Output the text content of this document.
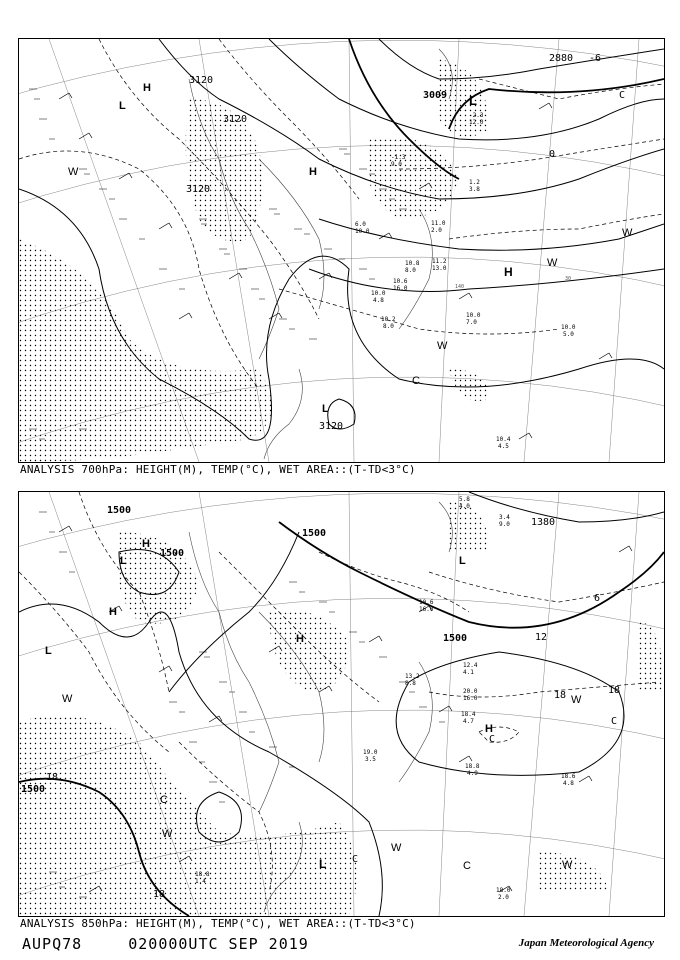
3120
3120
3120
3120
3009
2880
0
-6
C
H
L
H
L
L
H
W
W
W
W
C
140
30
10.4
4.5
10.0
5.0
10.0
7.0
11.2
13.0
10.0
4.8
10.2
8.0
11.0
2.0
10.8
8.0
1.2
3.8
-2.3
12.0
-1.3
9.0
6.0
10.0
10.6
16.0
ANALYSIS 700hPa: HEIGHT(M), TEMP(°C), WET AREA::(T-TD<3°C)
1500
1500
1500
1500
1500
1380
18
18
18	18
12
6
C
C
C
H
H
L
L
L
H
H
L
W
W
W
W
W
C
C
18.0
2.0
18.6
4.8
18.8
4.9
18.4
4.7
20.0
16.0
12.4
4.1
13.2
8.8
18.8
1.4
19.0
3.5
5.8
4.0
3.4
9.0
10.6
16.0
ANALYSIS 850hPa: HEIGHT(M), TEMP(°C), WET AREA::(T-TD<3°C)
AUPQ78	020000UTC SEP 2019	Japan Meteorological Agency
